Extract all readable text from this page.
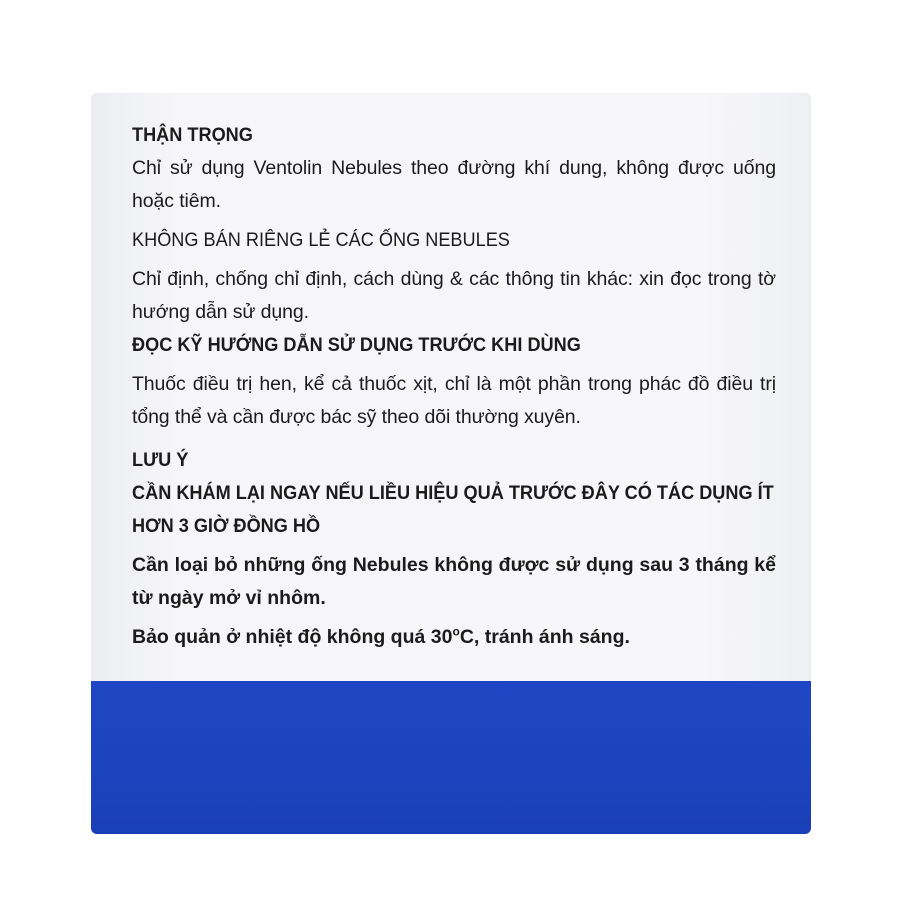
THẬN TRỌNG

Chỉ sử dụng Ventolin Nebules theo đường khí dung, không được uống hoặc tiêm.

KHÔNG BÁN RIÊNG LẺ CÁC ỐNG NEBULES

Chỉ định, chống chỉ định, cách dùng & các thông tin khác: xin đọc trong tờ hướng dẫn sử dụng.

ĐỌC KỸ HƯỚNG DẪN SỬ DỤNG TRƯỚC KHI DÙNG

Thuốc điều trị hen, kể cả thuốc xịt, chỉ là một phần trong phác đồ điều trị tổng thể và cần được bác sỹ theo dõi thường xuyên.

LƯU Ý

CẦN KHÁM LẠI NGAY NẾU LIỀU HIỆU QUẢ TRƯỚC ĐÂY CÓ TÁC DỤNG ÍT HƠN 3 GIỜ ĐỒNG HỒ

Cần loại bỏ những ống Nebules không được sử dụng sau 3 tháng kể từ ngày mở vỉ nhôm.

Bảo quản ở nhiệt độ không quá 30$^o$C, tránh ánh sáng.
